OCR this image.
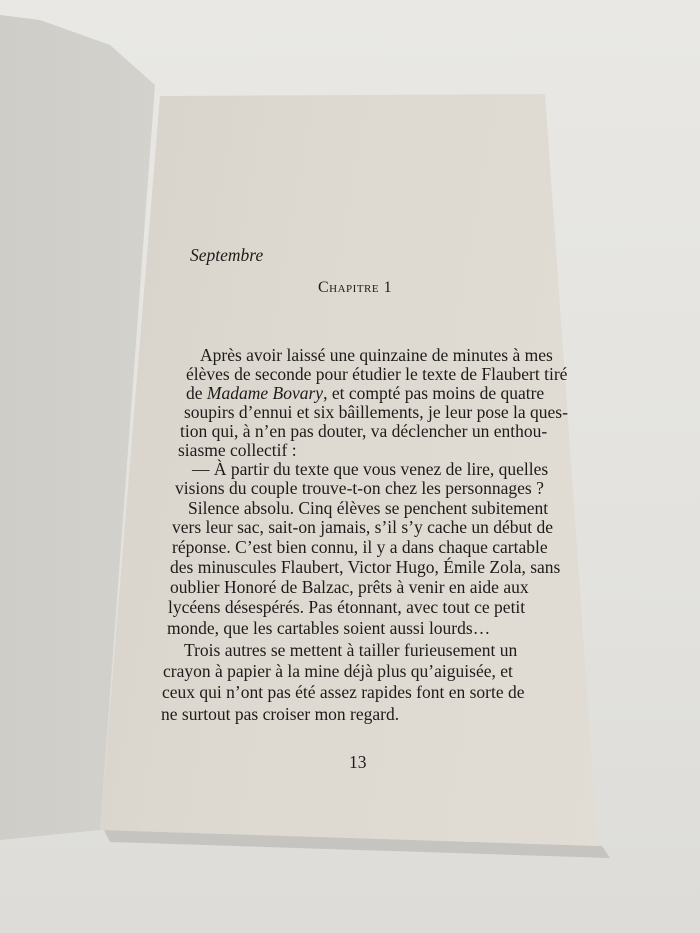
Septembre
Chapitre 1
Après avoir laissé une quinzaine de minutes à mes
élèves de seconde pour étudier le texte de Flaubert tiré
de Madame Bovary, et compté pas moins de quatre
soupirs d’ennui et six bâillements, je leur pose la ques-
tion qui, à n’en pas douter, va déclencher un enthou-
siasme collectif :
— À partir du texte que vous venez de lire, quelles
visions du couple trouve-t-on chez les personnages ?
Silence absolu. Cinq élèves se penchent subitement
vers leur sac, sait-on jamais, s’il s’y cache un début de
réponse. C’est bien connu, il y a dans chaque cartable
des minuscules Flaubert, Victor Hugo, Émile Zola, sans
oublier Honoré de Balzac, prêts à venir en aide aux
lycéens désespérés. Pas étonnant, avec tout ce petit
monde, que les cartables soient aussi lourds…
Trois autres se mettent à tailler furieusement un
crayon à papier à la mine déjà plus qu’aiguisée, et
ceux qui n’ont pas été assez rapides font en sorte de
ne surtout pas croiser mon regard.
13
